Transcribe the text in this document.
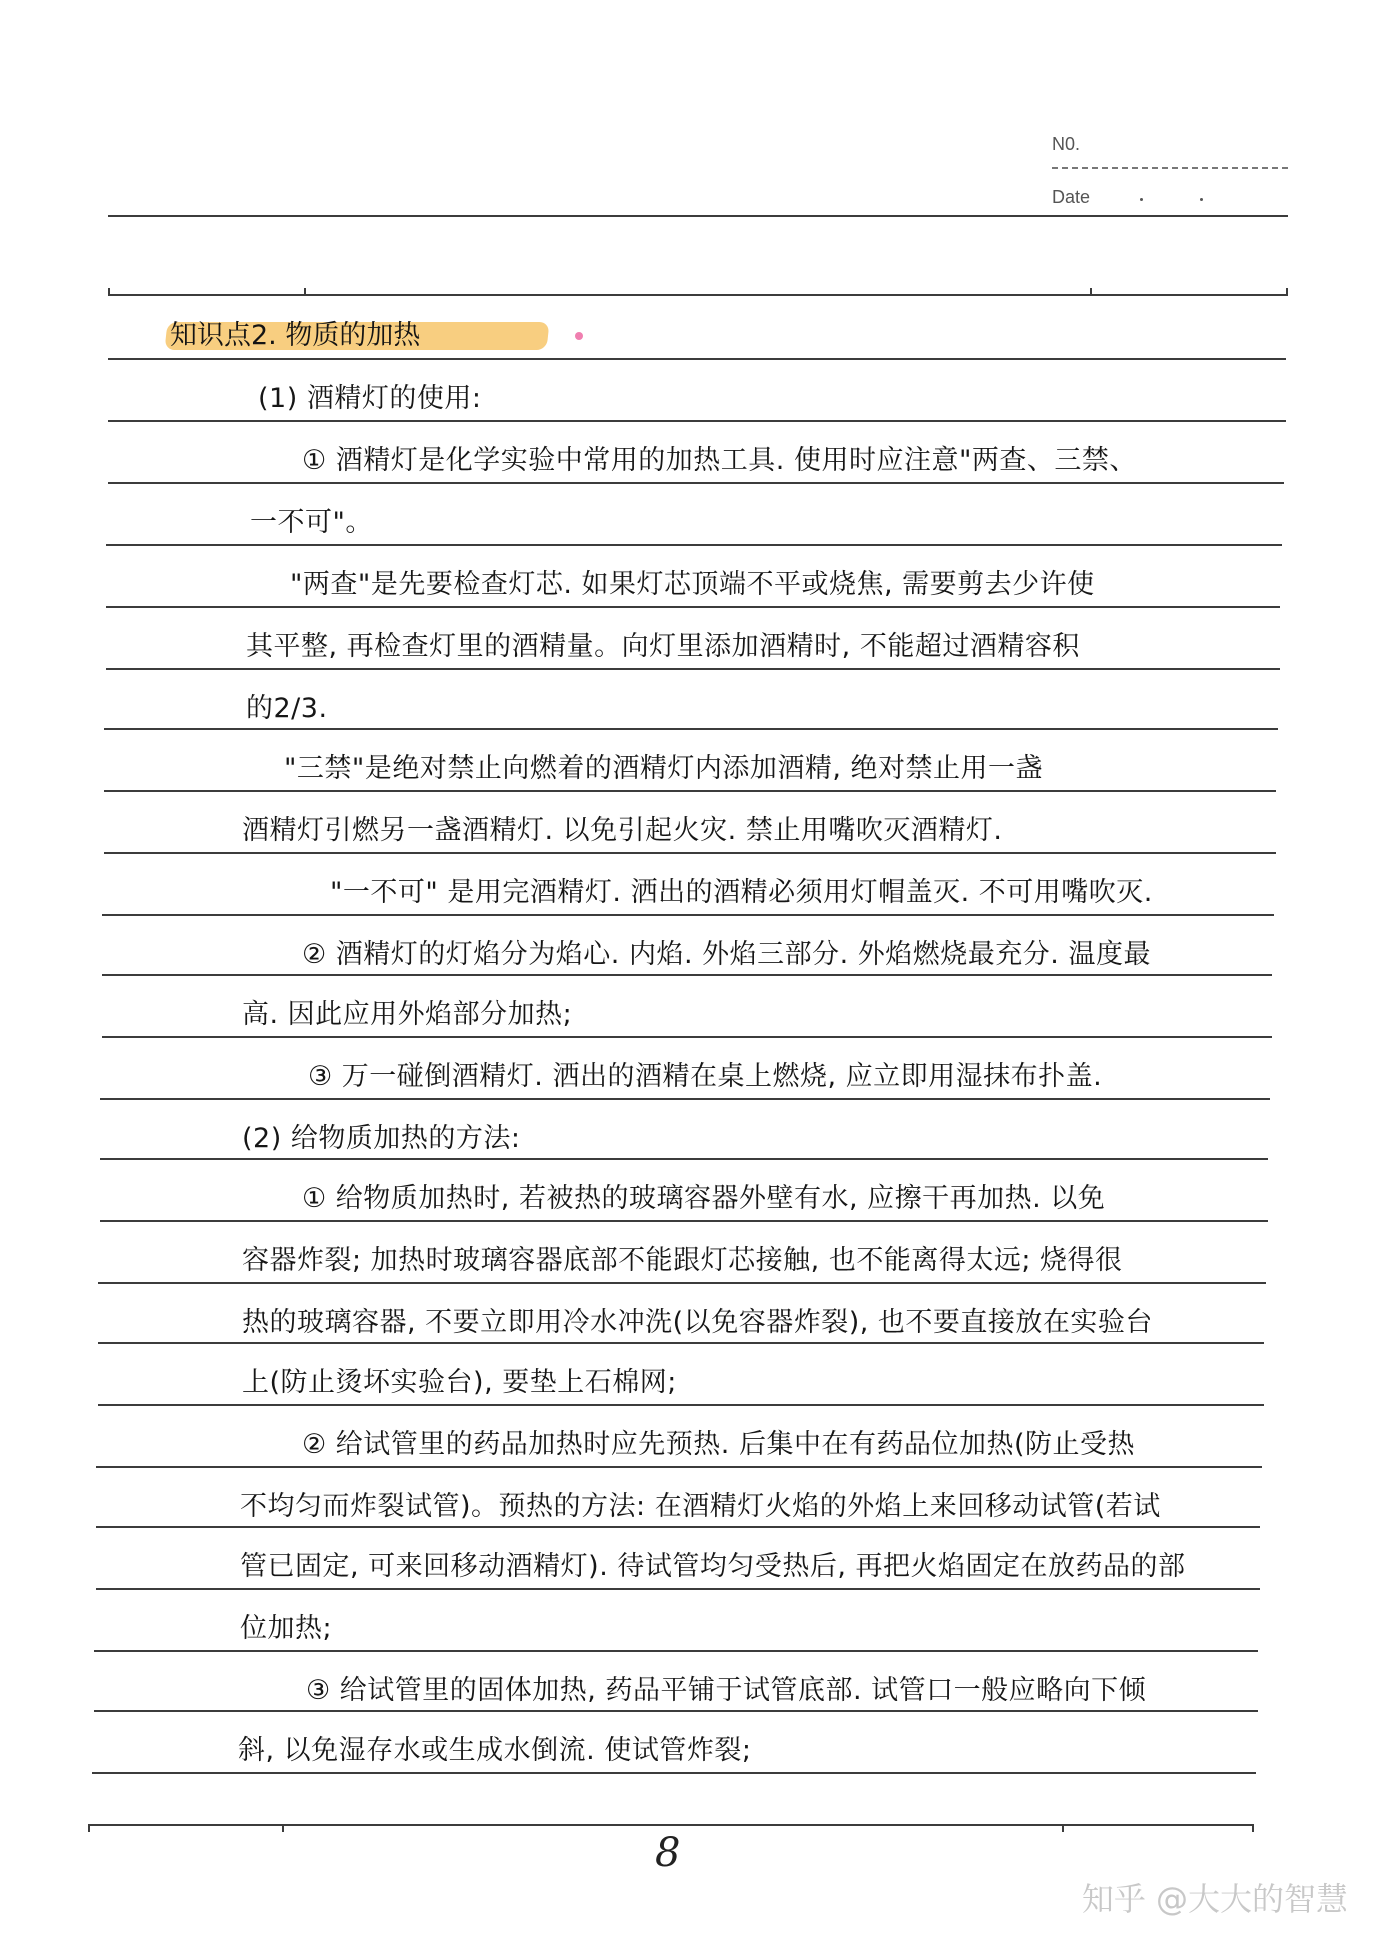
N0.
Date
知识点2. 物质的加热
(1) 酒精灯的使用:
① 酒精灯是化学实验中常用的加热工具. 使用时应注意"两查、三禁、
一不可"。
"两查"是先要检查灯芯. 如果灯芯顶端不平或烧焦, 需要剪去少许使
其平整, 再检查灯里的酒精量。向灯里添加酒精时, 不能超过酒精容积
的2/3.
"三禁"是绝对禁止向燃着的酒精灯内添加酒精, 绝对禁止用一盏
酒精灯引燃另一盏酒精灯. 以免引起火灾. 禁止用嘴吹灭酒精灯.
"一不可" 是用完酒精灯. 洒出的酒精必须用灯帽盖灭. 不可用嘴吹灭.
② 酒精灯的灯焰分为焰心. 内焰. 外焰三部分. 外焰燃烧最充分. 温度最
高. 因此应用外焰部分加热;
③ 万一碰倒酒精灯. 洒出的酒精在桌上燃烧, 应立即用湿抹布扑盖.
(2) 给物质加热的方法:
① 给物质加热时, 若被热的玻璃容器外壁有水, 应擦干再加热. 以免
容器炸裂; 加热时玻璃容器底部不能跟灯芯接触, 也不能离得太远; 烧得很
热的玻璃容器, 不要立即用冷水冲洗(以免容器炸裂), 也不要直接放在实验台
上(防止烫坏实验台), 要垫上石棉网;
② 给试管里的药品加热时应先预热. 后集中在有药品位加热(防止受热
不均匀而炸裂试管)。预热的方法: 在酒精灯火焰的外焰上来回移动试管(若试
管已固定, 可来回移动酒精灯). 待试管均匀受热后, 再把火焰固定在放药品的部
位加热;
③ 给试管里的固体加热, 药品平铺于试管底部. 试管口一般应略向下倾
斜, 以免湿存水或生成水倒流. 使试管炸裂;
8
知乎 @大大的智慧
